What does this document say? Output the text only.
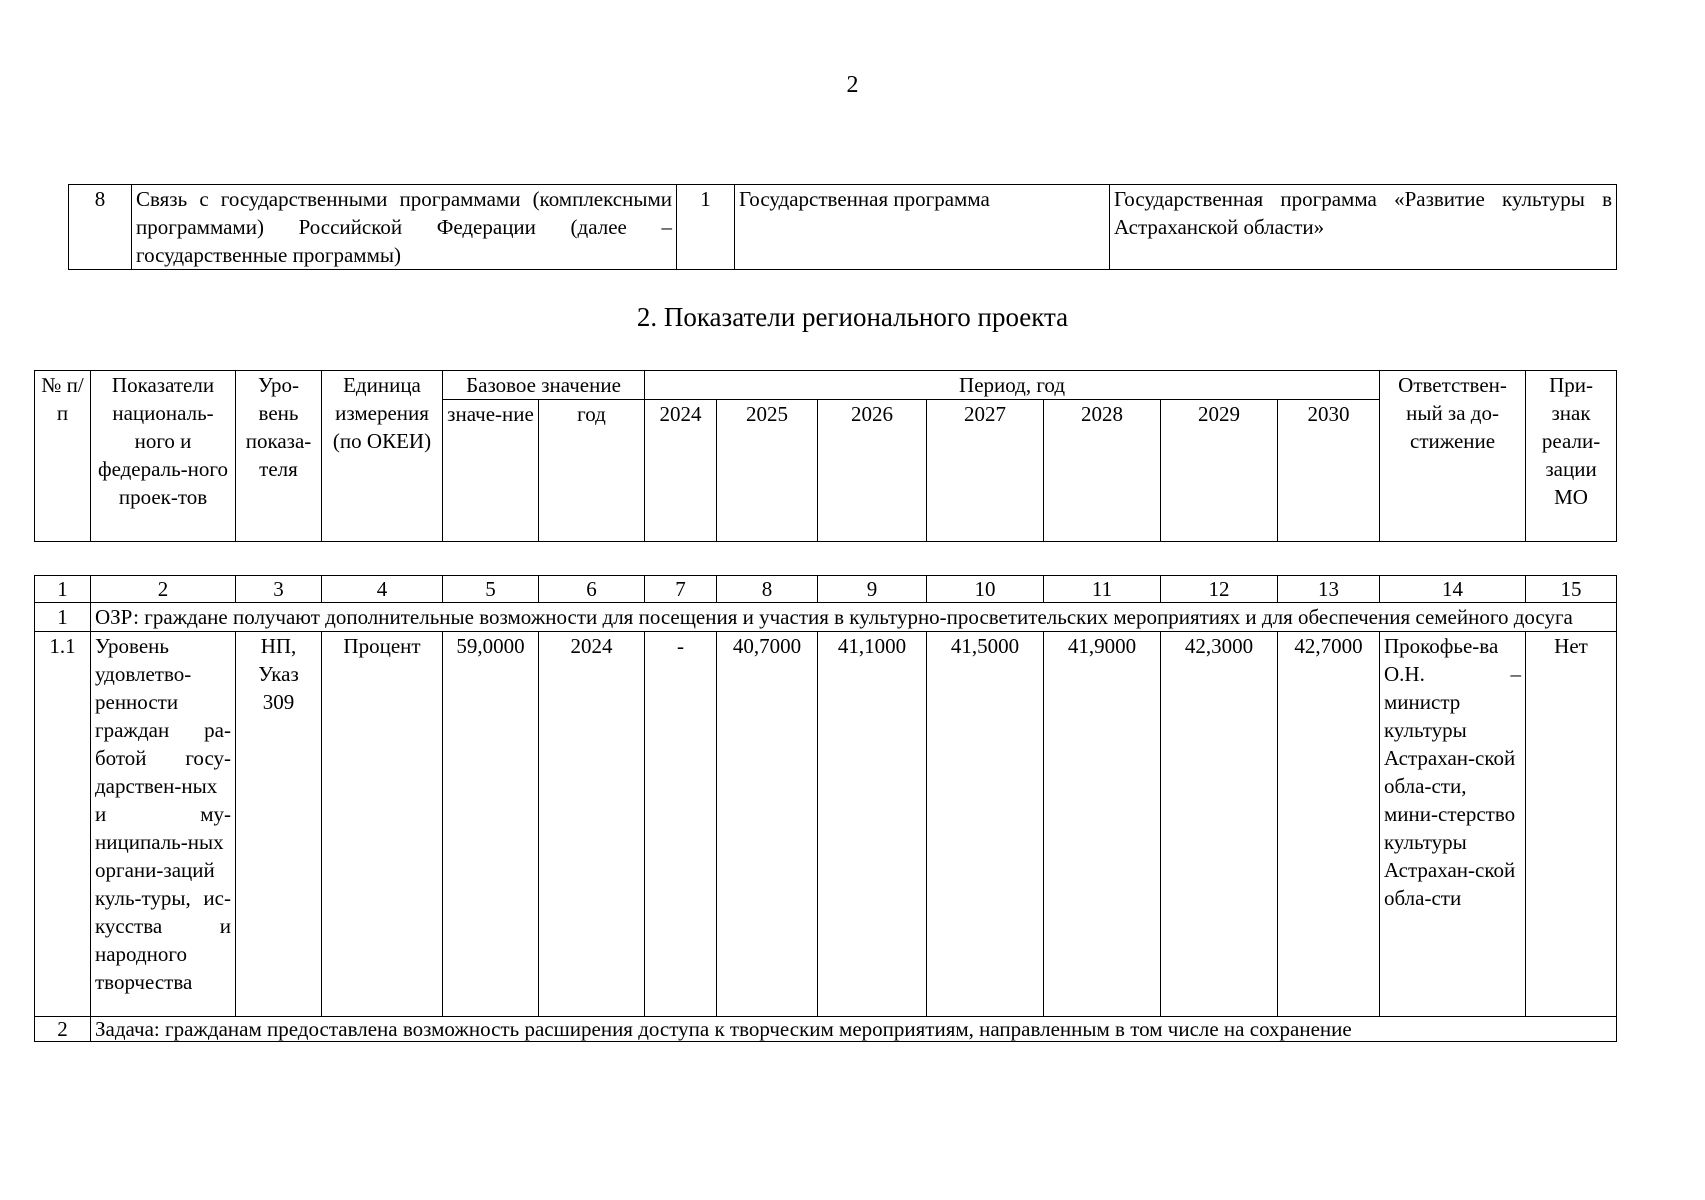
2
8	Связь с государственными программами (комплексными программами) Российской Федерации (далее – государственные программы)	1	Государственная программа	Государственная программа «Развитие культуры в Астраханской области»
2. Показатели регионального проекта
№ п/п	Показатели националь-ного и федераль-ного проек-тов	Уро-вень показа-теля	Единица измерения (по ОКЕИ)	Базовое значение		Период, год							Ответствен-ный за до-стижение	При-знак реали-зации МО
				значе-ние	год	2024	2025	2026	2027	2028	2029	2030		
1	2	3	4	5	6	7	8	9	10	11	12	13	14	15
1	ОЗР: граждане получают дополнительные возможности для посещения и участия в культурно-просветительских мероприятиях и для обеспечения семейного досуга													
1.1	Уровень удовлетво-ренности граждан ра-ботой госу-дарствен-ных и му-ниципаль-ных органи-заций куль-туры, ис-кусства и народного творчества	НП, Указ 309	Процент	59,0000	2024	-	40,7000	41,1000	41,5000	41,9000	42,3000	42,7000	Прокофье-ва О.Н. – министр культуры Астрахан-ской обла-сти, мини-стерство культуры Астрахан-ской обла-сти	Нет
2	Задача: гражданам предоставлена возможность расширения доступа к творческим мероприятиям, направленным в том числе на сохранение													
